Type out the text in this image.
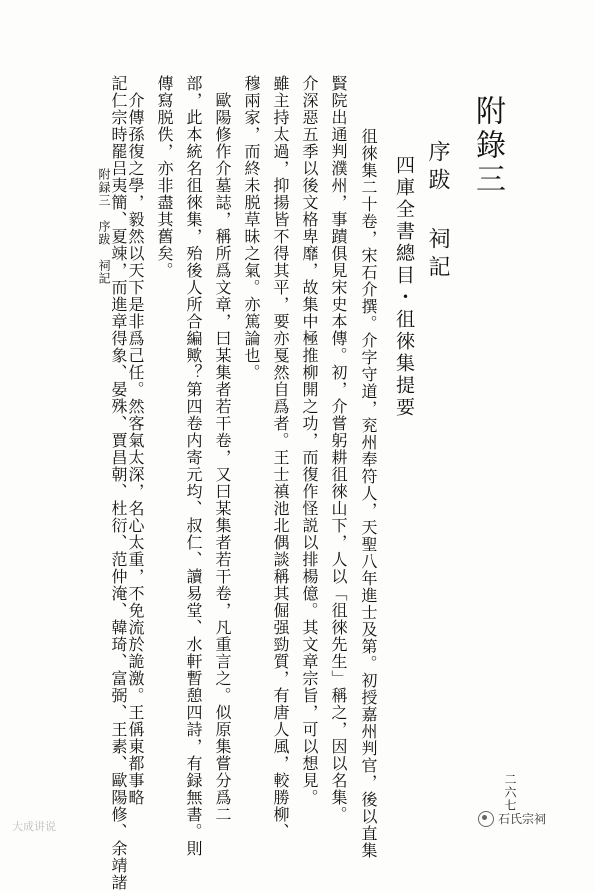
附錄三
序跋 祠記
四庫全書總目・徂徠集提要
徂徠集二十卷，宋石介撰。介字守道，兖州奉符人，天聖八年進士及第。初授嘉州判官，後以直集
賢院出通判濮州，事蹟俱見宋史本傳。初，介嘗躬耕徂徠山下，人以「徂徠先生」稱之，因以名集。
介深惡五季以後文格卑靡，故集中極推柳開之功，而復作怪説以排楊億。其文章宗旨，可以想見。
雖主持太過，抑揚皆不得其平，要亦戛然自爲者。王士禛池北偶談稱其倔强勁質，有唐人風，較勝柳、
穆兩家，而終未脱草昧之氣。亦篤論也。
歐陽修作介墓誌，稱所爲文章，曰某集者若干卷，又曰某集者若干卷，凡重言之。似原集嘗分爲二
部，此本統名徂徠集，殆後人所合編歟？第四卷内寄元均、叔仁、讀易堂、水軒暫憩四詩，有録無書。則
傳寫脱佚，亦非盡其舊矣。
介傳孫復之學，毅然以天下是非爲己任。然客氣太深，名心太重，不免流於詭激。王偁東都事略
記仁宗時罷吕夷簡、夏竦，而進章得象、晏殊、賈昌朝、杜衍、范仲淹、韓琦、富弼、王素、歐陽修、余靖諸
附録三　序跋　祠記
二六七
大成讲说
石氏宗祠
